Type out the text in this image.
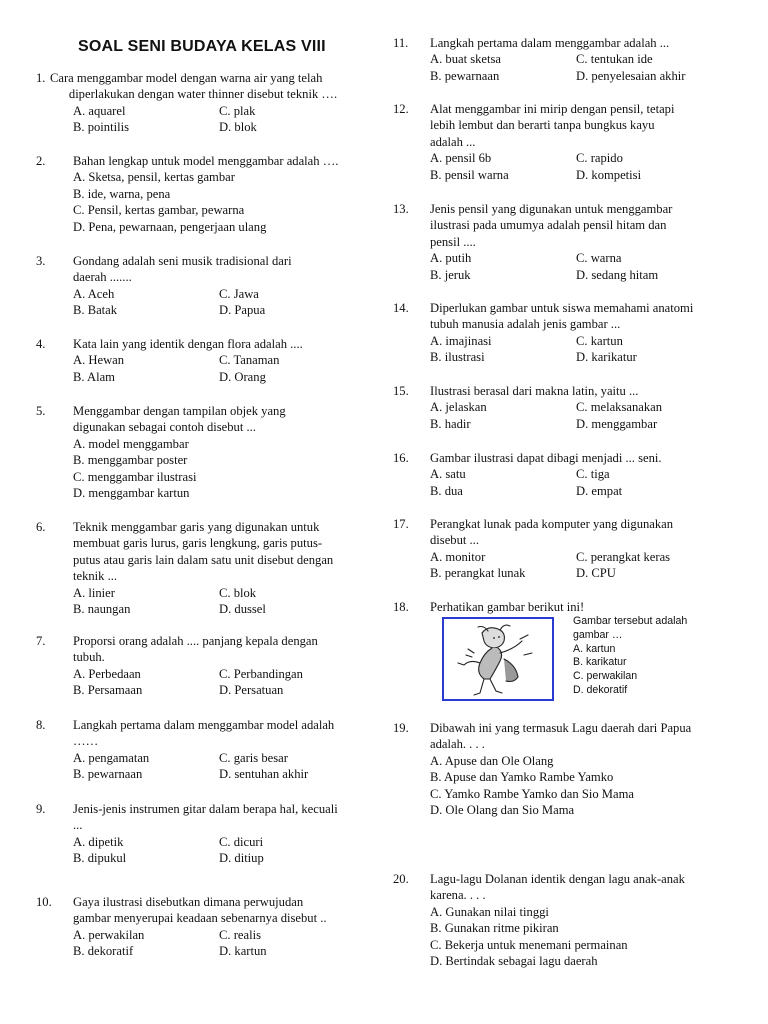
SOAL SENI BUDAYA KELAS VIII
1. Cara menggambar model dengan warna air yang telah
diperlakukan dengan water thinner disebut teknik ….
A. aquarel	C. plak
B. pointilis	D. blok
2. Bahan lengkap untuk model menggambar adalah ….
A. Sketsa, pensil, kertas gambar
B. ide, warna, pena
C. Pensil, kertas gambar, pewarna
D. Pena, pewarnaan, pengerjaan ulang
3. Gondang adalah seni musik tradisional dari
daerah .......
A. Aceh	C. Jawa
B. Batak	D. Papua
4. Kata lain yang identik dengan flora adalah ....
A. Hewan	C. Tanaman
B. Alam	D. Orang
5. Menggambar dengan tampilan objek yang
digunakan sebagai contoh disebut ...
A. model menggambar
B. menggambar poster
C. menggambar ilustrasi
D. menggambar kartun
6. Teknik menggambar garis yang digunakan untuk
membuat garis lurus, garis lengkung, garis putus-
putus atau garis lain dalam satu unit disebut dengan
teknik ...
A. linier	C. blok
B. naungan	D. dussel
7. Proporsi orang adalah .... panjang kepala dengan
tubuh.
A. Perbedaan	C. Perbandingan
B. Persamaan	D. Persatuan
8. Langkah pertama dalam menggambar model adalah
……
A. pengamatan	C. garis besar
B. pewarnaan	D. sentuhan akhir
9. Jenis-jenis instrumen gitar dalam berapa hal, kecuali
...
A. dipetik	C. dicuri
B. dipukul	D. ditiup
10. Gaya ilustrasi disebutkan dimana perwujudan
gambar menyerupai keadaan sebenarnya disebut ..
A. perwakilan	C. realis
B. dekoratif	D. kartun
11. Langkah pertama dalam menggambar adalah ...
A. buat sketsa	C. tentukan ide
B. pewarnaan	D. penyelesaian akhir
12. Alat menggambar ini mirip dengan pensil, tetapi
lebih lembut dan berarti tanpa bungkus kayu
adalah ...
A. pensil 6b	C. rapido
B. pensil warna	D. kompetisi
13. Jenis pensil yang digunakan untuk menggambar
ilustrasi pada umumya adalah pensil hitam dan
pensil ....
A. putih	C. warna
B. jeruk	D. sedang hitam
14. Diperlukan gambar untuk siswa memahami anatomi
tubuh manusia adalah jenis gambar ...
A. imajinasi	C. kartun
B. ilustrasi	D. karikatur
15. Ilustrasi berasal dari makna latin, yaitu ...
A. jelaskan	C. melaksanakan
B. hadir	D. menggambar
16. Gambar ilustrasi dapat dibagi menjadi ... seni.
A. satu	C. tiga
B. dua	D. empat
17. Perangkat lunak pada komputer yang digunakan
disebut ...
A. monitor	C. perangkat keras
B. perangkat lunak	D. CPU
18. Perhatikan gambar berikut ini!
19. Dibawah ini yang termasuk Lagu daerah dari Papua
adalah. . . .
A. Apuse dan Ole Olang
B. Apuse dan Yamko Rambe Yamko
C. Yamko Rambe Yamko dan Sio Mama
D. Ole Olang dan Sio Mama
20. Lagu-lagu Dolanan identik dengan lagu anak-anak
karena. . . .
A. Gunakan nilai tinggi
B. Gunakan ritme pikiran
C. Bekerja untuk menemani permainan
D. Bertindak sebagai lagu daerah
Gambar tersebut adalah
gambar …
A. kartun
B. karikatur
C. perwakilan
D. dekoratif
